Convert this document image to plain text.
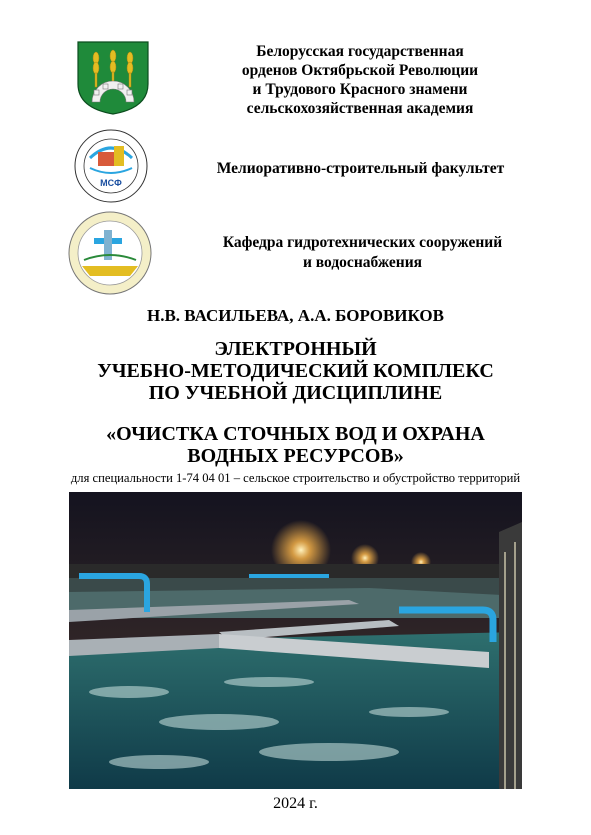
МСФ
Белорусская государственная
орденов Октябрьской Революции
и Трудового Красного знамени
сельскохозяйственная академия
Мелиоративно-строительный факультет
Кафедра гидротехнических сооружений
и водоснабжения
Н.В. ВАСИЛЬЕВА, А.А. БОРОВИКОВ
ЭЛЕКТРОННЫЙ
УЧЕБНО-МЕТОДИЧЕСКИЙ КОМПЛЕКС
ПО УЧЕБНОЙ ДИСЦИПЛИНЕ
«ОЧИСТКА СТОЧНЫХ ВОД И ОХРАНА
ВОДНЫХ РЕСУРСОВ»
для специальности 1-74 04 01 – сельское строительство и обустройство территорий
2024 г.
